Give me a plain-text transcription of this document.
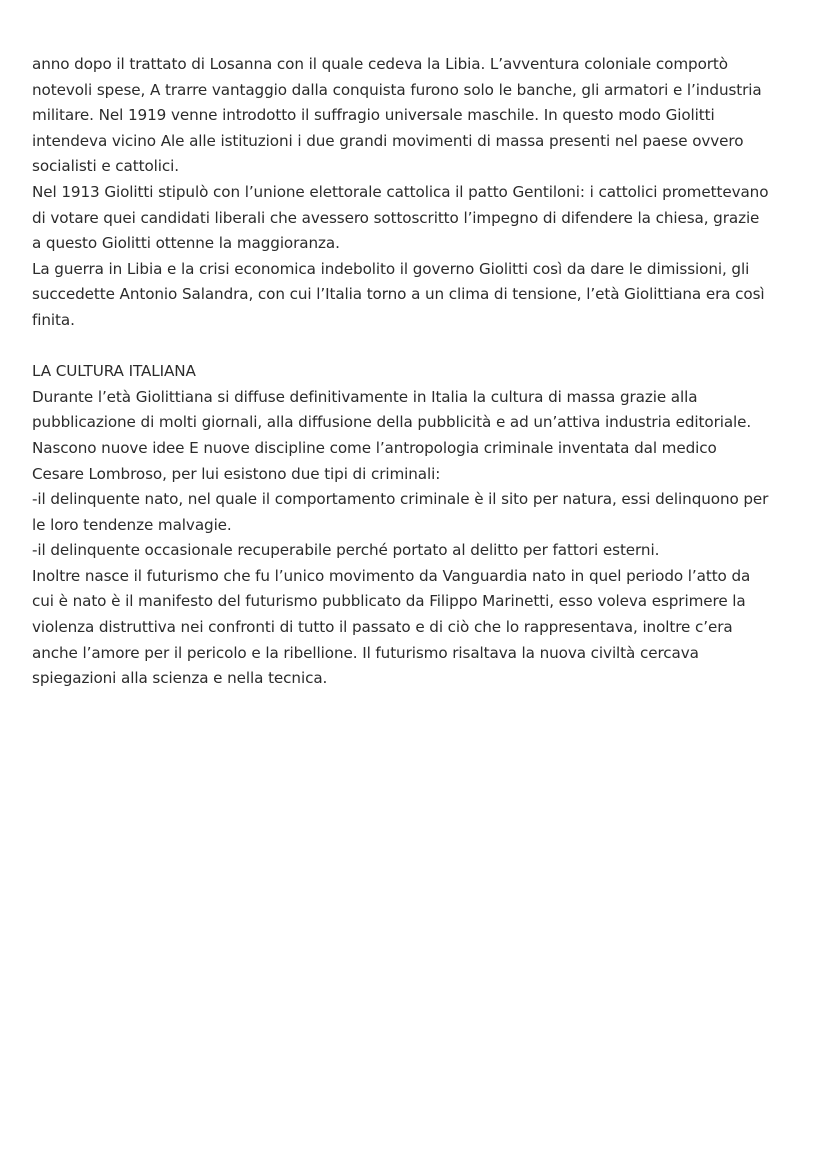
anno dopo il trattato di Losanna con il quale cedeva la Libia. L’avventura coloniale comportò
notevoli spese, A trarre vantaggio dalla conquista furono solo le banche, gli armatori e l’industria
militare. Nel 1919 venne introdotto il suffragio universale maschile. In questo modo Giolitti
intendeva vicino Ale alle istituzioni i due grandi movimenti di massa presenti nel paese ovvero
socialisti e cattolici.
Nel 1913 Giolitti stipulò con l’unione elettorale cattolica il patto Gentiloni: i cattolici promettevano
di votare quei candidati liberali che avessero sottoscritto l’impegno di difendere la chiesa, grazie
a questo Giolitti ottenne la maggioranza.
La guerra in Libia e la crisi economica indebolito il governo Giolitti così da dare le dimissioni, gli
succedette Antonio Salandra, con cui l’Italia torno a un clima di tensione, l’età Giolittiana era così
finita.
LA CULTURA ITALIANA
Durante l’età Giolittiana si diffuse definitivamente in Italia la cultura di massa grazie alla
pubblicazione di molti giornali, alla diffusione della pubblicità e ad un’attiva industria editoriale.
Nascono nuove idee E nuove discipline come l’antropologia criminale inventata dal medico
Cesare Lombroso, per lui esistono due tipi di criminali:
-il delinquente nato, nel quale il comportamento criminale è il sito per natura, essi delinquono per
le loro tendenze malvagie.
-il delinquente occasionale recuperabile perché portato al delitto per fattori esterni.
Inoltre nasce il futurismo che fu l’unico movimento da Vanguardia nato in quel periodo l’atto da
cui è nato è il manifesto del futurismo pubblicato da Filippo Marinetti, esso voleva esprimere la
violenza distruttiva nei confronti di tutto il passato e di ciò che lo rappresentava, inoltre c’era
anche l’amore per il pericolo e la ribellione. Il futurismo risaltava la nuova civiltà cercava
spiegazioni alla scienza e nella tecnica.
